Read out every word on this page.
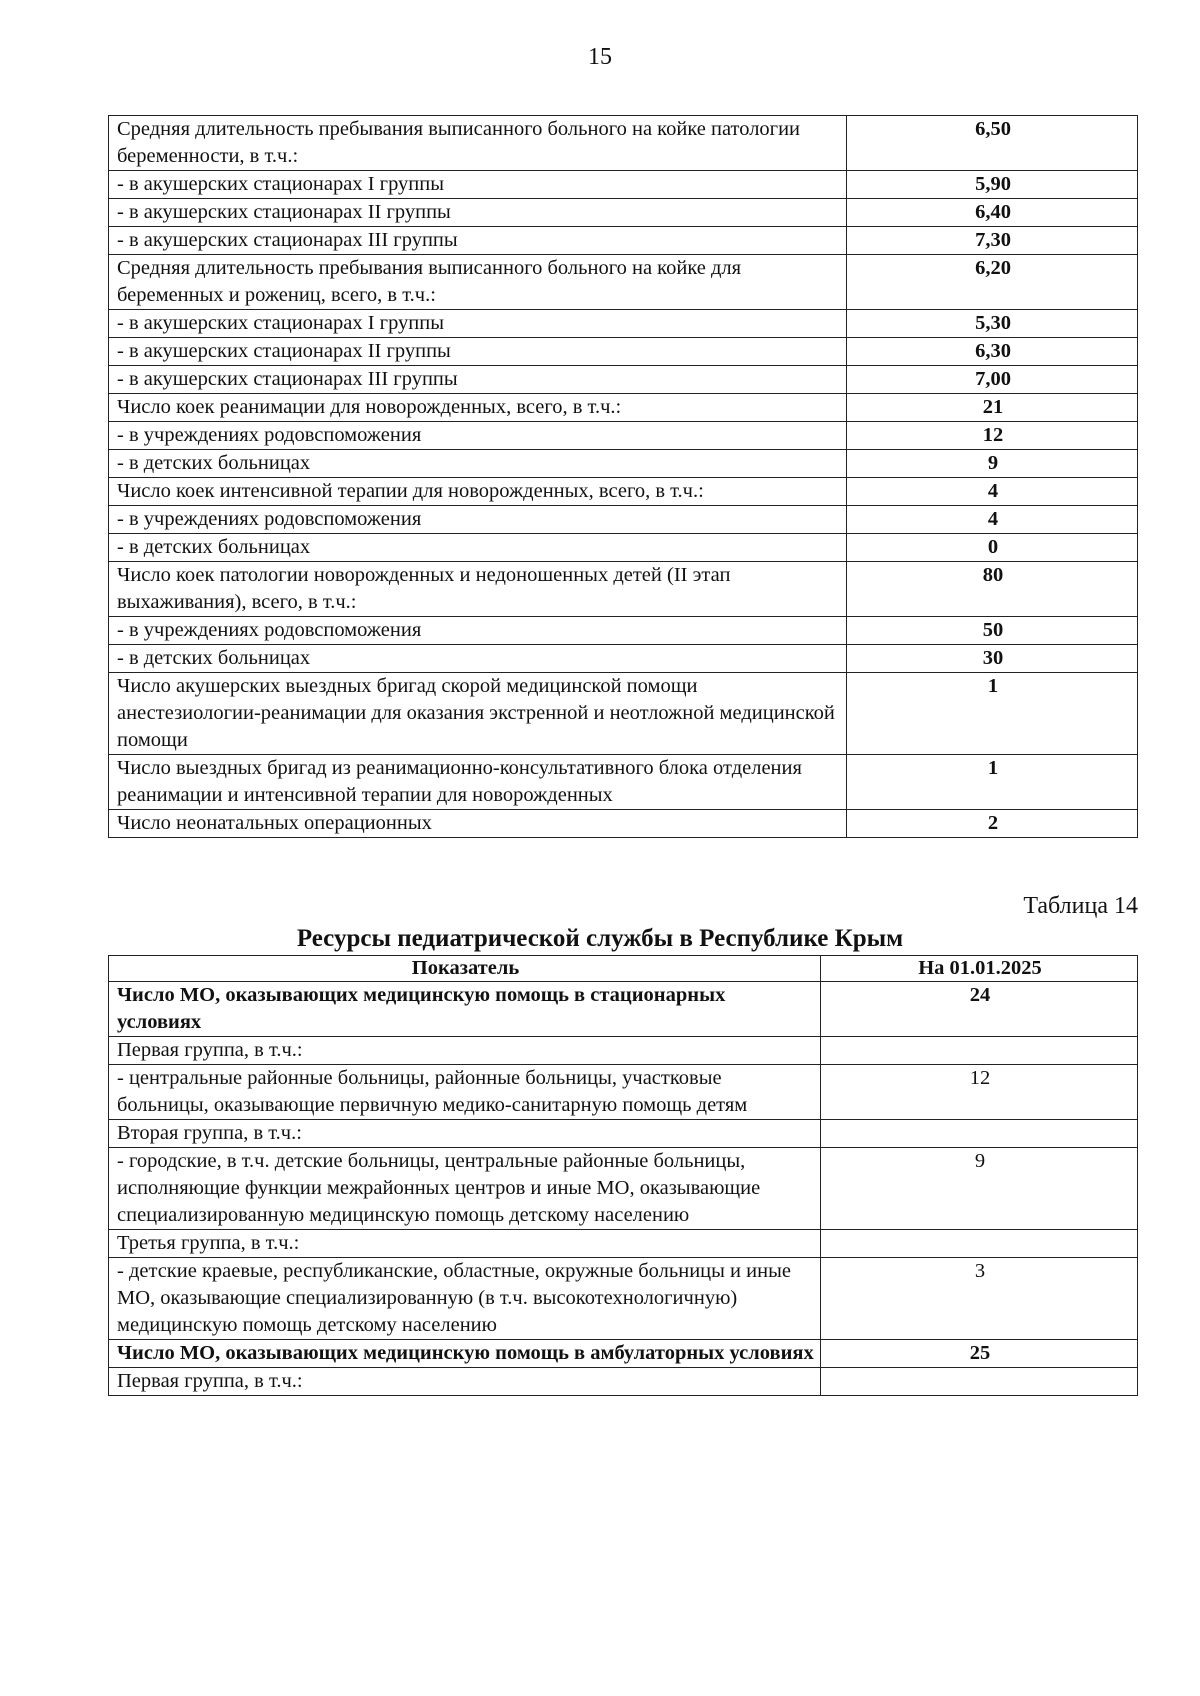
15
Средняя длительность пребывания выписанного больного на койке патологии беременности, в т.ч.:	6,50
- в акушерских стационарах I группы	5,90
- в акушерских стационарах II группы	6,40
- в акушерских стационарах III группы	7,30
Средняя длительность пребывания выписанного больного на койке для беременных и рожениц, всего, в т.ч.:	6,20
- в акушерских стационарах I группы	5,30
- в акушерских стационарах II группы	6,30
- в акушерских стационарах III группы	7,00
Число коек реанимации для новорожденных, всего, в т.ч.:	21
- в учреждениях родовспоможения	12
- в детских больницах	9
Число коек интенсивной терапии для новорожденных, всего, в т.ч.:	4
- в учреждениях родовспоможения	4
- в детских больницах	0
Число коек патологии новорожденных и недоношенных детей (II этап выхаживания), всего, в т.ч.:	80
- в учреждениях родовспоможения	50
- в детских больницах	30
Число акушерских выездных бригад скорой медицинской помощи анестезиологии-реанимации для оказания экстренной и неотложной медицинской помощи	1
Число выездных бригад из реанимационно-консультативного блока отделения реанимации и интенсивной терапии для новорожденных	1
Число неонатальных операционных	2
Таблица 14
Ресурсы педиатрической службы в Республике Крым
Показатель	На 01.01.2025
Число МО, оказывающих медицинскую помощь в стационарных условиях	24
Первая группа, в т.ч.:	
- центральные районные больницы, районные больницы, участковые больницы, оказывающие первичную медико-санитарную помощь детям	12
Вторая группа, в т.ч.:	
- городские, в т.ч. детские больницы, центральные районные больницы, исполняющие функции межрайонных центров и иные МО, оказывающие специализированную медицинскую помощь детскому населению	9
Третья группа, в т.ч.:	
- детские краевые, республиканские, областные, окружные больницы и иные МО, оказывающие специализированную (в т.ч. высокотехнологичную) медицинскую помощь детскому населению	3
Число МО, оказывающих медицинскую помощь в амбулаторных условиях	25
Первая группа, в т.ч.:	
